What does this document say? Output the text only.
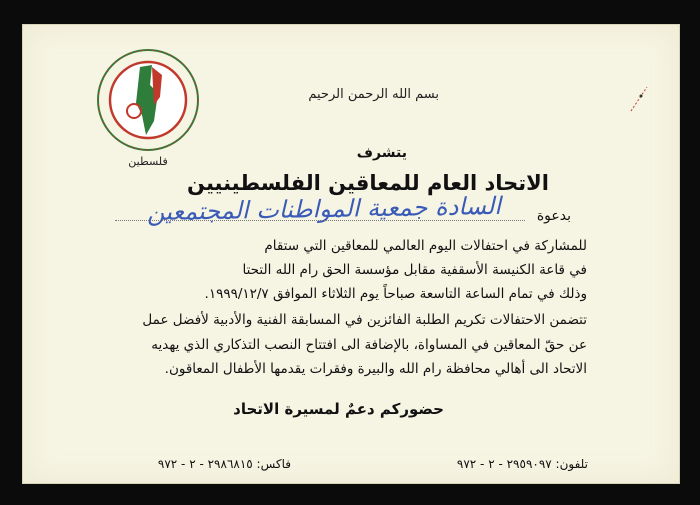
فلسطين
بسم الله الرحمن الرحيم
يتشرف
الاتحاد العام للمعاقين الفلسطينيين
بدعوة
السادة جمعية المواطنات المجتمعين
للمشاركة في احتفالات اليوم العالمي للمعاقين التي ستقام
في قاعة الكنيسة الأسقفية مقابل مؤسسة الحق رام الله التحتا
وذلك في تمام الساعة التاسعة صباحاً يوم الثلاثاء الموافق ١٩٩٩/١٢/٧.
تتضمن الاحتفالات تكريم الطلبة الفائزين في المسابقة الفنية والأدبية لأفضل عمل
عن حقّ المعاقين في المساواة، بالإضافة الى افتتاح النصب التذكاري الذي يهديه
الاتحاد الى أهالي محافظة رام الله والبيرة وفقرات يقدمها الأطفال المعاقون.
حضوركم دعمٌ لمسيرة الاتحاد
تلفون: ٢٩٥٩٠٩٧ - ٢ - ٩٧٢
فاكس: ٢٩٨٦٨١٥ - ٢ - ٩٧٢
